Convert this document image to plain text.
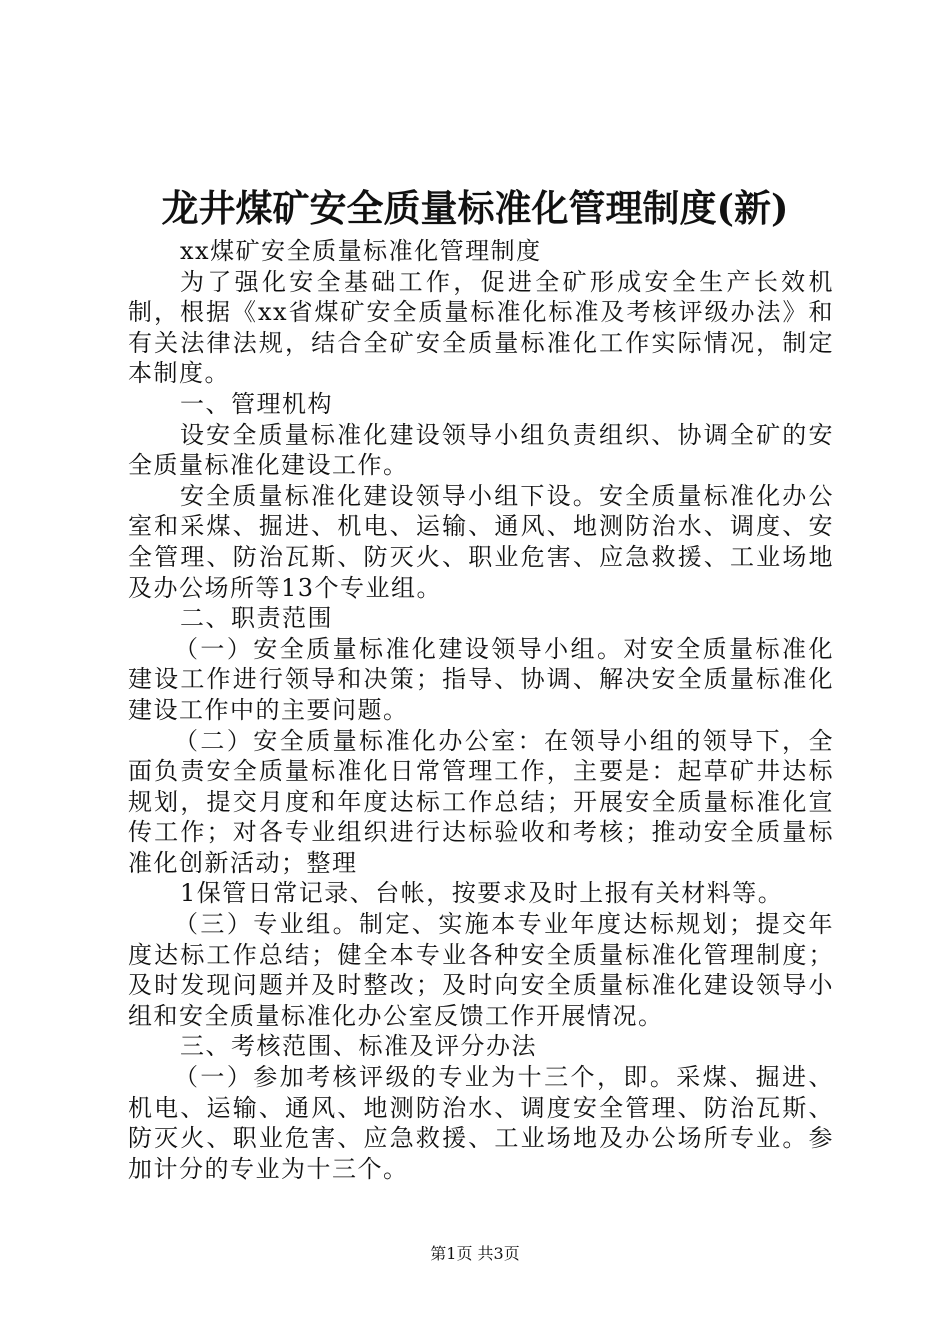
龙井煤矿安全质量标准化管理制度(新)

xx煤矿安全质量标准化管理制度

为了强化安全基础工作，促进全矿形成安全生产长效机制，根据《xx省煤矿安全质量标准化标准及考核评级办法》和有关法律法规，结合全矿安全质量标准化工作实际情况，制定本制度。

一、管理机构

设安全质量标准化建设领导小组负责组织、协调全矿的安全质量标准化建设工作。

安全质量标准化建设领导小组下设。安全质量标准化办公室和采煤、掘进、机电、运输、通风、地测防治水、调度、安全管理、防治瓦斯、防灭火、职业危害、应急救援、工业场地及办公场所等13个专业组。

二、职责范围

（一）安全质量标准化建设领导小组。对安全质量标准化建设工作进行领导和决策；指导、协调、解决安全质量标准化建设工作中的主要问题。

（二）安全质量标准化办公室：在领导小组的领导下，全面负责安全质量标准化日常管理工作，主要是：起草矿井达标规划，提交月度和年度达标工作总结；开展安全质量标准化宣传工作；对各专业组织进行达标验收和考核；推动安全质量标准化创新活动；整理

1保管日常记录、台帐，按要求及时上报有关材料等。

（三）专业组。制定、实施本专业年度达标规划；提交年度达标工作总结；健全本专业各种安全质量标准化管理制度；及时发现问题并及时整改；及时向安全质量标准化建设领导小组和安全质量标准化办公室反馈工作开展情况。

三、考核范围、标准及评分办法

（一）参加考核评级的专业为十三个，即。采煤、掘进、机电、运输、通风、地测防治水、调度安全管理、防治瓦斯、防灭火、职业危害、应急救援、工业场地及办公场所专业。参加计分的专业为十三个。

第1页 共3页
